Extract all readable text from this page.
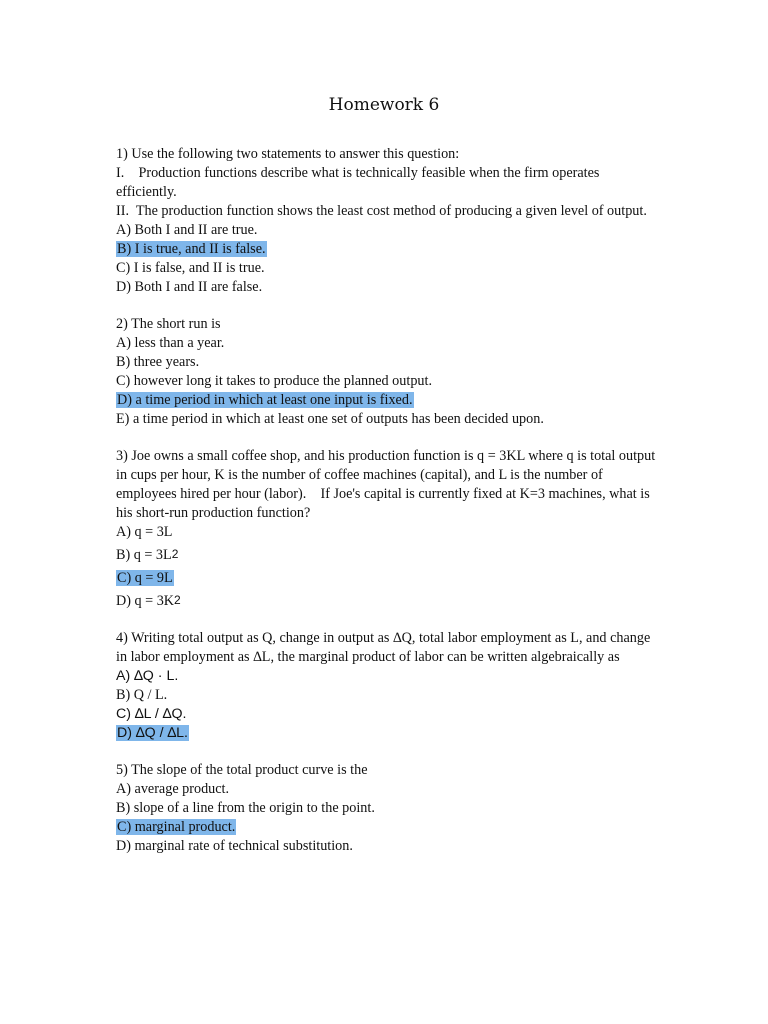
Homework 6
1) Use the following two statements to answer this question:
I.    Production functions describe what is technically feasible when the firm operates efficiently.
II.  The production function shows the least cost method of producing a given level of output.
A) Both I and II are true.
B) I is true, and II is false.
C) I is false, and II is true.
D) Both I and II are false.
2) The short run is
A) less than a year.
B) three years.
C) however long it takes to produce the planned output.
D) a time period in which at least one input is fixed.
E) a time period in which at least one set of outputs has been decided upon.
3) Joe owns a small coffee shop, and his production function is q = 3KL where q is total output in cups per hour, K is the number of coffee machines (capital), and L is the number of employees hired per hour (labor).    If Joe's capital is currently fixed at K=3 machines, what is his short-run production function?
A) q = 3L
B) $q = 3L^2$
C) q = 9L
D) $q = 3K^2$
4) Writing total output as Q, change in output as ∆Q, total labor employment as L, and change in labor employment as ∆L, the marginal product of labor can be written algebraically as
A) ∆Q · L.
B) Q / L.
C) ∆L / ∆Q.
D) ∆Q / ∆L.
5) The slope of the total product curve is the
A) average product.
B) slope of a line from the origin to the point.
C) marginal product.
D) marginal rate of technical substitution.
